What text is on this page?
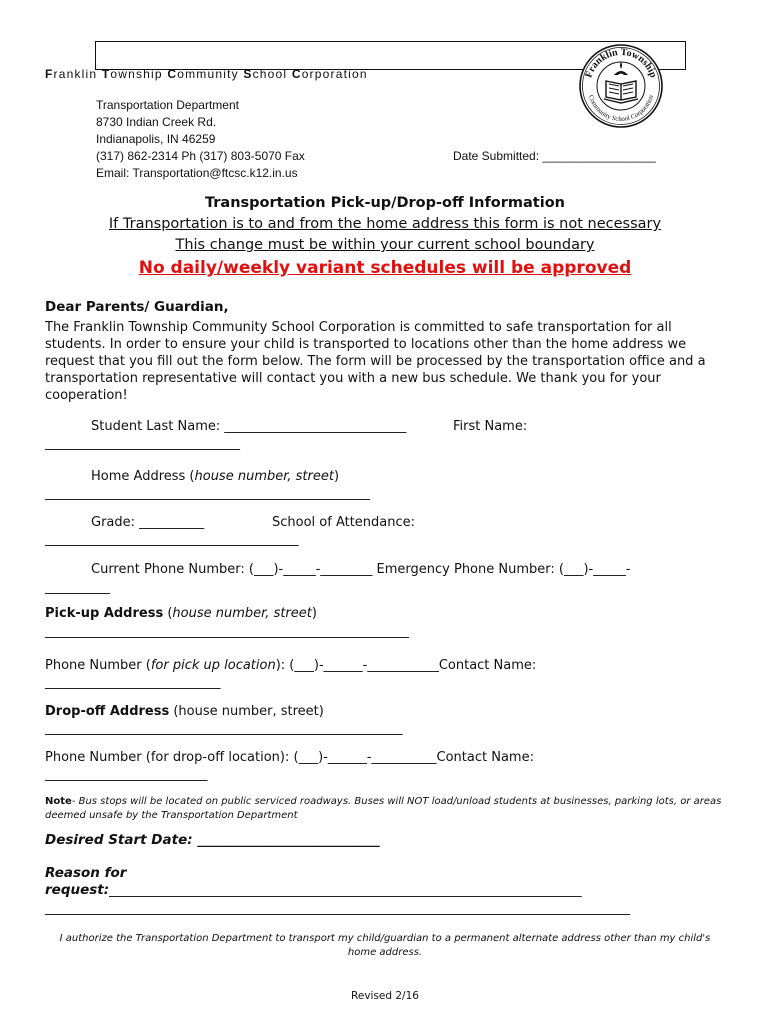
Franklin Township Community School Corporation	Franklin Township
Community School Corporation
Transportation Department
8730 Indian Creek Rd.
Indianapolis, IN 46259
(317) 862-2314 Ph (317) 803-5070 Fax
Email: Transportation@ftcsc.k12.in.us
Date Submitted: _________________
Transportation Pick-up/Drop-off Information
If Transportation is to and from the home address this form is not necessary
This change must be within your current school boundary
No daily/weekly variant schedules will be approved
Dear Parents/ Guardian,
The Franklin Township Community School Corporation is committed to safe transportation for all students. In order to ensure your child is transported to locations other than the home address we request that you fill out the form below. The form will be processed by the transportation office and a transportation representative will contact you with a new bus schedule. We thank you for your cooperation!
Student Last Name: ____________________________	First Name:
______________________________
Home Address (house number, street)
__________________________________________________
Grade: __________	School of Attendance:
_______________________________________
Current Phone Number: (___)-_____-________ Emergency Phone Number: (___)-_____-
__________
Pick-up Address (house number, street)
________________________________________________________
Phone Number (for pick up location): (___)-______-___________Contact Name:
___________________________
Drop-off Address (house number, street)
_______________________________________________________
Phone Number (for drop-off location): (___)-______-__________Contact Name:
_________________________
Note- Bus stops will be located on public serviced roadways. Buses will NOT load/unload students at businesses, parking lots, or areas deemed unsafe by the Transportation Department
Desired Start Date: ___________________________
Reason for
request:______________________________________________________________________
__________________________________________________________________________________________
I authorize the Transportation Department to transport my child/guardian to a permanent alternate address other than my child's home address.
Revised 2/16
